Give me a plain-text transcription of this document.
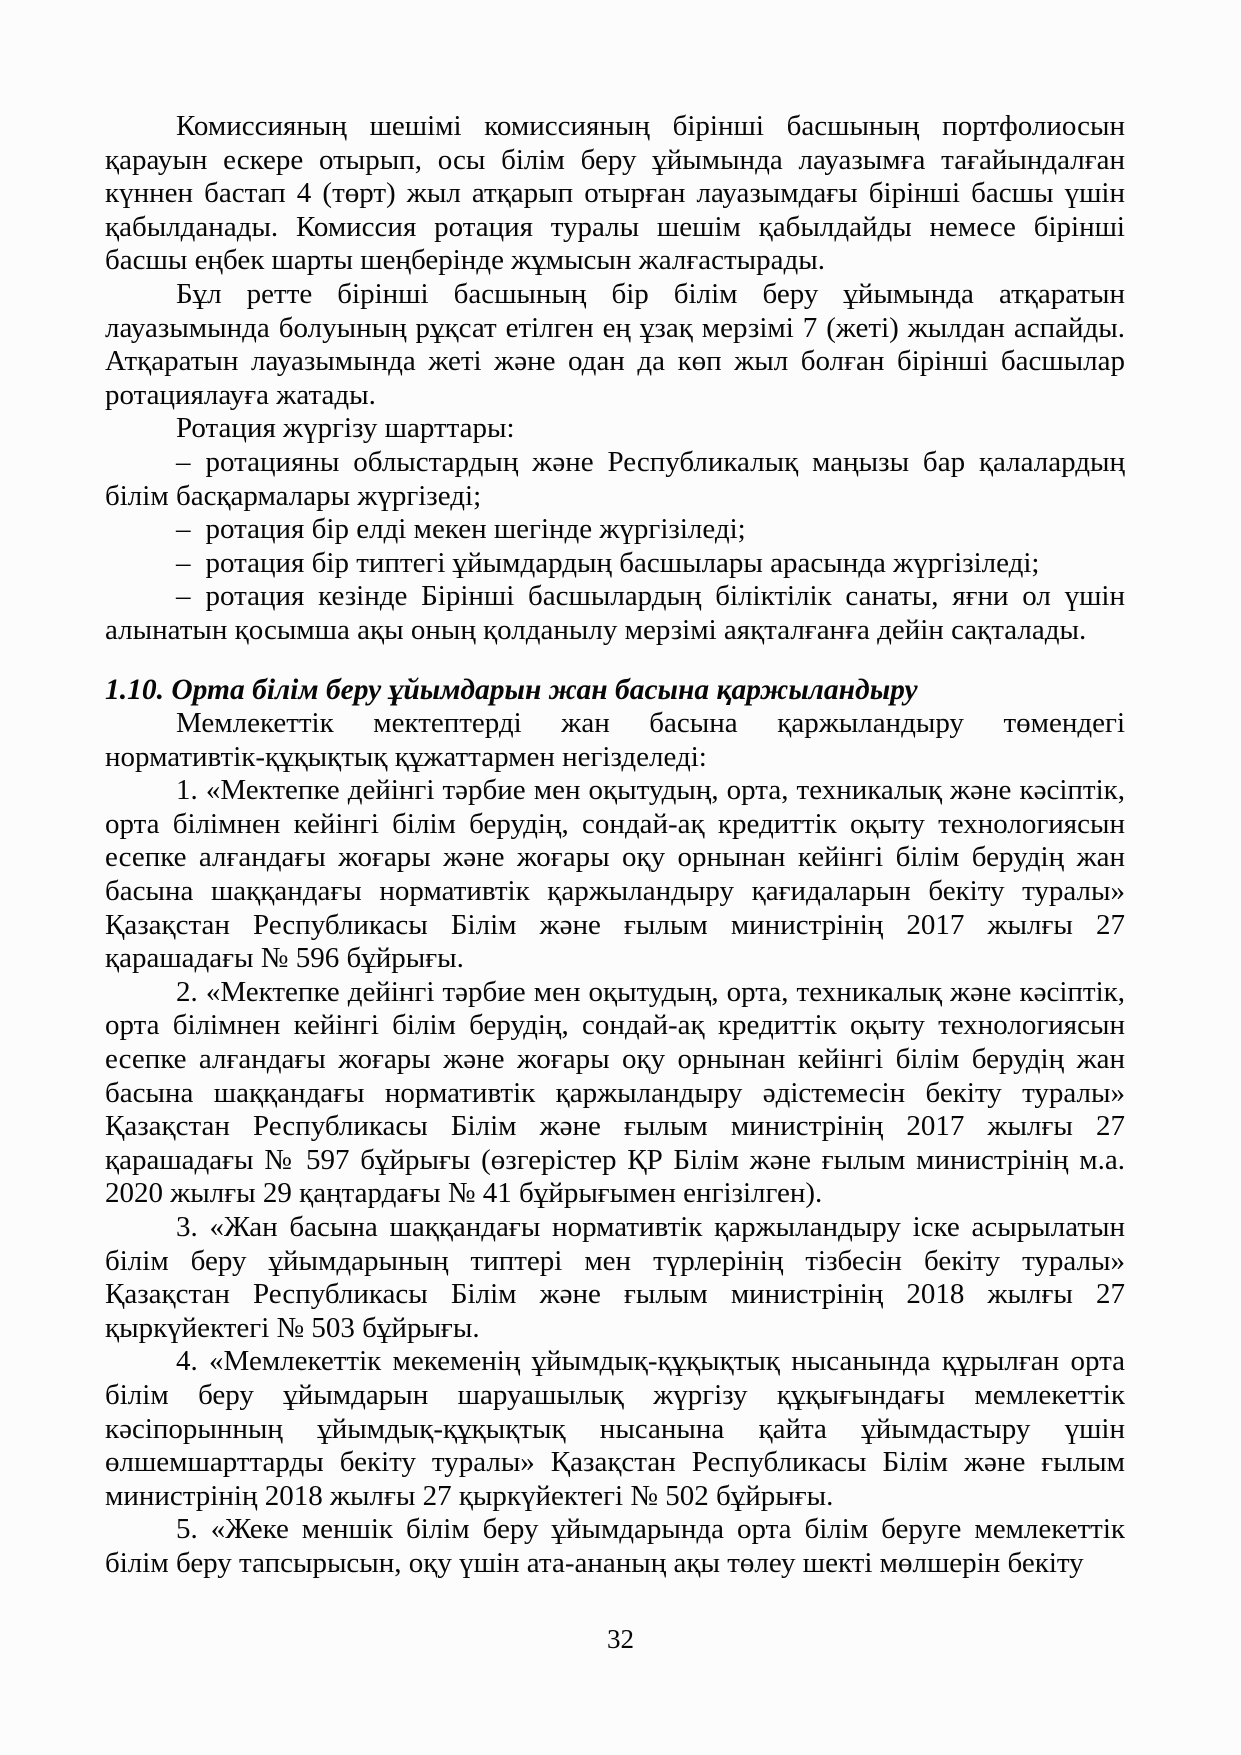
Комиссияның шешімі комиссияның бірінші басшының портфолиосын қарауын ескере отырып, осы білім беру ұйымында лауазымға тағайындалған күннен бастап 4 (төрт) жыл атқарып отырған лауазымдағы бірінші басшы үшін қабылданады. Комиссия ротация туралы шешім қабылдайды немесе бірінші басшы еңбек шарты шеңберінде жұмысын жалғастырады.

Бұл ретте бірінші басшының бір білім беру ұйымында атқаратын лауазымында болуының рұқсат етілген ең ұзақ мерзімі 7 (жеті) жылдан аспайды. Атқаратын лауазымында жеті және одан да көп жыл болған бірінші басшылар ротациялауға жатады.

Ротация жүргізу шарттары:

– ротацияны облыстардың және Республикалық маңызы бар қалалардың білім басқармалары жүргізеді;

– ротация бір елді мекен шегінде жүргізіледі;

– ротация бір типтегі ұйымдардың басшылары арасында жүргізіледі;

– ротация кезінде Бірінші басшылардың біліктілік санаты, яғни ол үшін алынатын қосымша ақы оның қолданылу мерзімі аяқталғанға дейін сақталады.

1.10. Орта білім беру ұйымдарын жан басына қаржыландыру

Мемлекеттік мектептерді жан басына қаржыландыру төмендегі нормативтік-құқықтық құжаттармен негізделеді:

1. «Мектепке дейінгі тәрбие мен оқытудың, орта, техникалық және кәсіптік, орта білімнен кейінгі білім берудің, сондай-ақ кредиттік оқыту технологиясын есепке алғандағы жоғары және жоғары оқу орнынан кейінгі білім берудің жан басына шаққандағы нормативтік қаржыландыру қағидаларын бекіту туралы» Қазақстан Республикасы Білім және ғылым министрінің 2017 жылғы 27 қарашадағы № 596 бұйрығы.

2. «Мектепке дейінгі тәрбие мен оқытудың, орта, техникалық және кәсіптік, орта білімнен кейінгі білім берудің, сондай-ақ кредиттік оқыту технологиясын есепке алғандағы жоғары және жоғары оқу орнынан кейінгі білім берудің жан басына шаққандағы нормативтік қаржыландыру әдістемесін бекіту туралы» Қазақстан Республикасы Білім және ғылым министрінің 2017 жылғы 27 қарашадағы № 597 бұйрығы (өзгерістер ҚР Білім және ғылым министрінің м.а. 2020 жылғы 29 қаңтардағы № 41 бұйрығымен енгізілген).

3. «Жан басына шаққандағы нормативтік қаржыландыру іске асырылатын білім беру ұйымдарының типтері мен түрлерінің тізбесін бекіту туралы» Қазақстан Республикасы Білім және ғылым министрінің 2018 жылғы 27 қыркүйектегі № 503 бұйрығы.

4. «Мемлекеттік мекеменің ұйымдық-құқықтық нысанында құрылған орта білім беру ұйымдарын шаруашылық жүргізу құқығындағы мемлекеттік кәсіпорынның ұйымдық-құқықтық нысанына қайта ұйымдастыру үшін өлшемшарттарды бекіту туралы» Қазақстан Республикасы Білім және ғылым министрінің 2018 жылғы 27 қыркүйектегі № 502 бұйрығы.

5. «Жеке меншік білім беру ұйымдарында орта білім беруге мемлекеттік білім беру тапсырысын, оқу үшін ата-ананың ақы төлеу шекті мөлшерін бекіту

32
